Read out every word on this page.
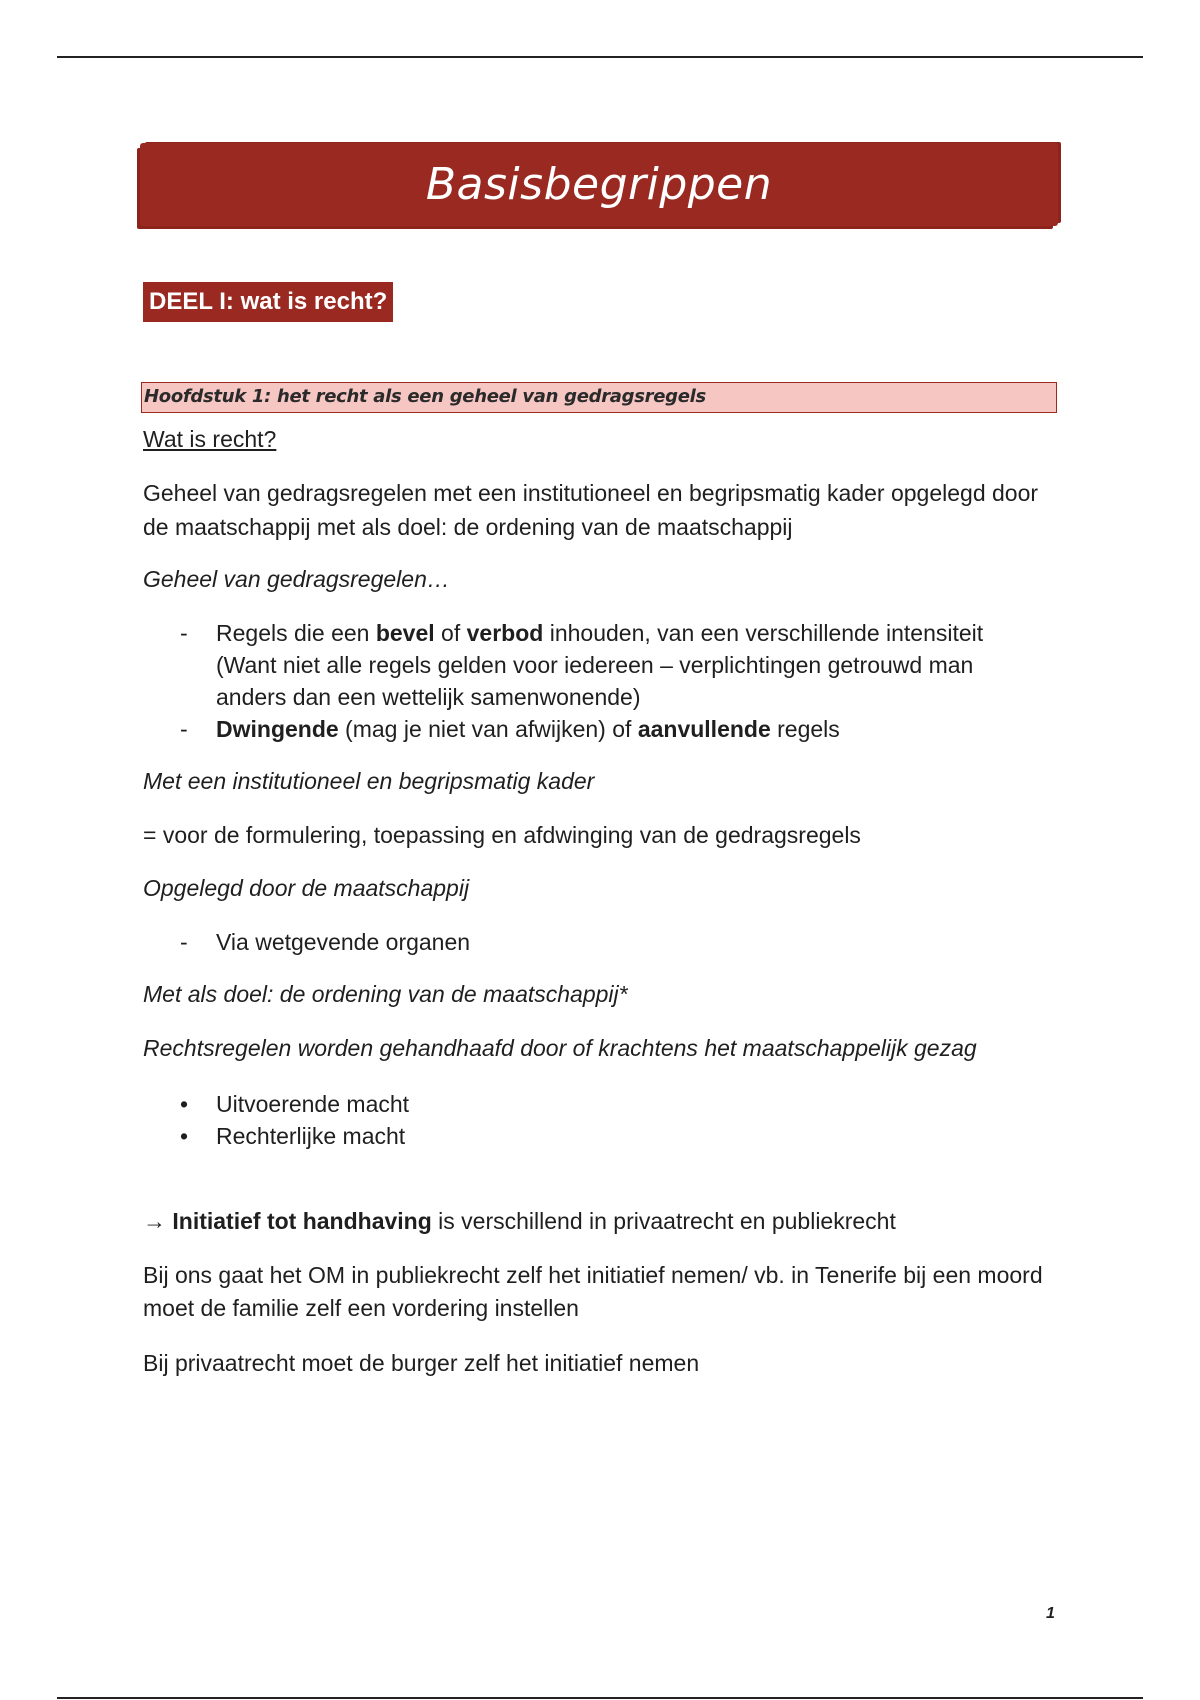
Basisbegrippen
DEEL I: wat is recht?
Hoofdstuk 1: het recht als een geheel van gedragsregels
Wat is recht?
Geheel van gedragsregelen met een institutioneel en begripsmatig kader opgelegd door de maatschappij met als doel: de ordening van de maatschappij
Geheel van gedragsregelen…
-	Regels die een bevel of verbod inhouden, van een verschillende intensiteit (Want niet alle regels gelden voor iedereen – verplichtingen getrouwd man anders dan een wettelijk samenwonende)
-	Dwingende (mag je niet van afwijken) of aanvullende regels
Met een institutioneel en begripsmatig kader
= voor de formulering, toepassing en afdwinging van de gedragsregels
Opgelegd door de maatschappij
-	Via wetgevende organen
Met als doel: de ordening van de maatschappij*
Rechtsregelen worden gehandhaafd door of krachtens het maatschappelijk gezag
•	Uitvoerende macht
•	Rechterlijke macht
→ Initiatief tot handhaving is verschillend in privaatrecht en publiekrecht
Bij ons gaat het OM in publiekrecht zelf het initiatief nemen/ vb. in Tenerife bij een moord moet de familie zelf een vordering instellen
Bij privaatrecht moet de burger zelf het initiatief nemen
1
